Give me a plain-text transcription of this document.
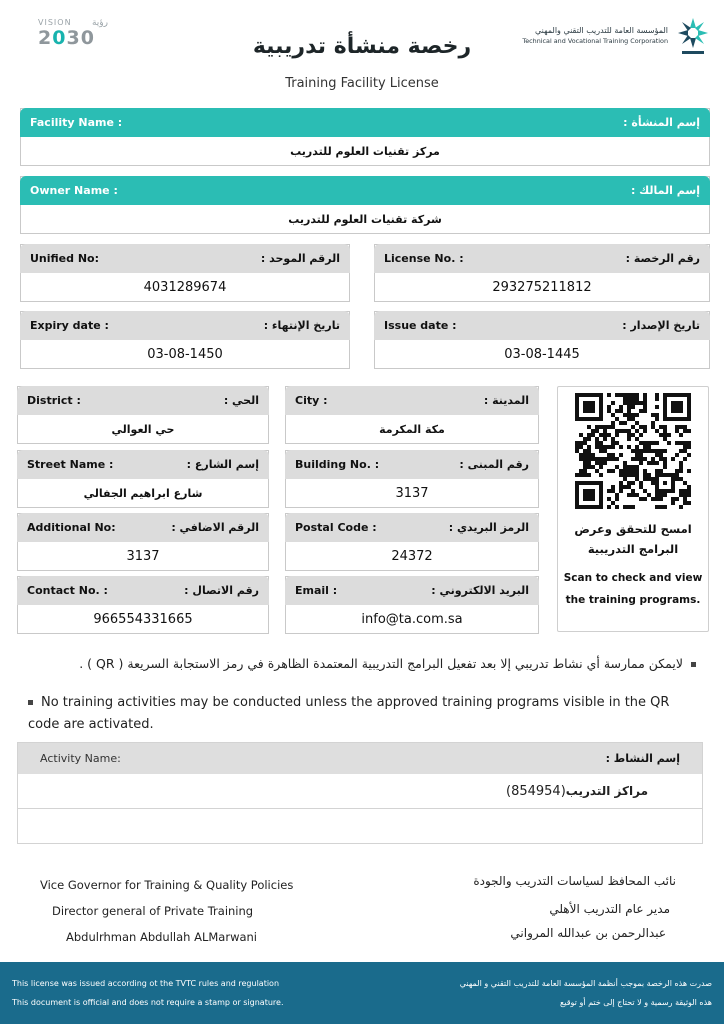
VISION رؤية
2030	المؤسسة العامة للتدريب التقني والمهني
Technical and Vocational Training Corporation
رخصة منشأة تدريبية
Training Facility License
Facility Name :	إسم المنشأة :
مركز تقنيات العلوم للتدريب
Owner Name :	إسم المالك :
شركة تقنيات العلوم للتدريب
Unified No:	الرقم الموحد :
4031289674
License No. :	رقم الرخصة :
293275211812
Expiry date :	تاريخ الإنتهاء :
03-08-1450
Issue date :	تاريخ الإصدار :
03-08-1445
District :	الحي :
حي العوالي
City :	المدينة :
مكة المكرمة
Street Name :	إسم الشارع :
شارع ابراهيم الجفالي
Building No. :	رقم المبنى :
3137
Additional No:	الرقم الاضافي :
3137
Postal Code :	الرمز البريدي :
24372
Contact No. :	رقم الاتصال :
966554331665
Email :	البريد الالكتروني :
info@ta.com.sa
امسح للتحقق وعرض
البرامج التدريبية
Scan to check and view
the training programs.
لايمكن ممارسة أي نشاط تدريبي إلا بعد تفعيل البرامج التدريبية المعتمدة الظاهرة في رمز الاستجابة السريعة ( QR ) .
No training activities may be conducted unless the approved training programs visible in the QR code are activated.
Activity Name:	إسم النشاط :
(854954) مراكز التدريب
Vice Governor for Training & Quality Policies
Director general of Private Training
Abdulrhman Abdullah ALMarwani
نائب المحافظ لسياسات التدريب والجودة
مدير عام التدريب الأهلي
عبدالرحمن بن عبدالله المرواني
This license was issued according ot the TVTC rules and regulation
This document is official and does not require a stamp or signature.
صدرت هذه الرخصة بموجب أنظمة المؤسسة العامة للتدريب التقني و المهني
هذه الوثيقة رسمية و لا تحتاج إلى ختم أو توقيع
